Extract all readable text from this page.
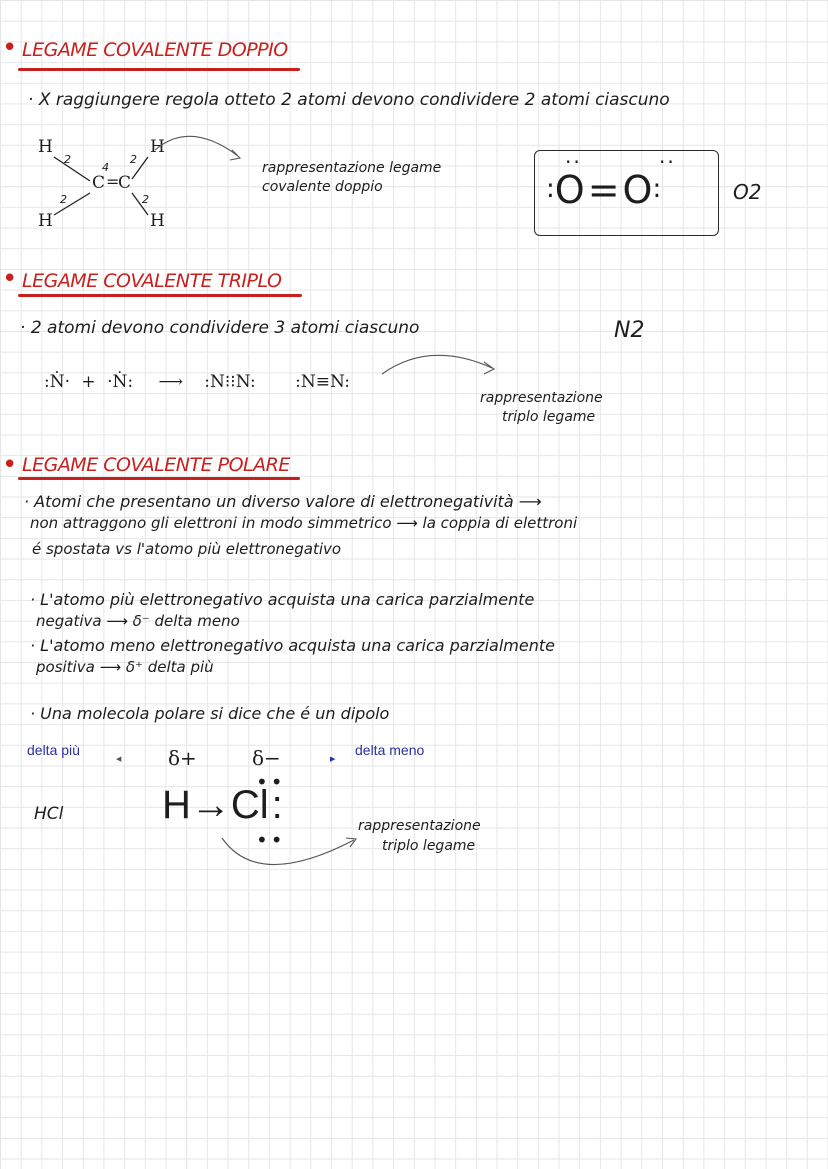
• LEGAME COVALENTE DOPPIO
· X raggiungere regola otteto 2 atomi devono condividere 2 atomi ciascuno
H	H
H	H
C C
=
2	2
4
2	2
rappresentazione legame
covalente doppio	:O=O:
··	··
O2
• LEGAME COVALENTE TRIPLO
· 2 atomi devono condividere 3 atomi ciascuno	N2
:Ṅ· + ·Ṅ: ⟶ :N⁝⁝N: :N≡N:
rappresentazione
triplo legame
• LEGAME COVALENTE POLARE
· Atomi che presentano un diverso valore di elettronegatività ⟶
non attraggono gli elettroni in modo simmetrico ⟶ la coppia di elettroni
é spostata vs l'atomo più elettronegativo
· L'atomo più elettronegativo acquista una carica parzialmente
negativa ⟶ δ⁻ delta meno
· L'atomo meno elettronegativo acquista una carica parzialmente
positiva ⟶ δ⁺ delta più
· Una molecola polare si dice che é un dipolo
delta più
◀ δ+	δ−	▶
delta meno
HCl H→Cl:
••
••
rappresentazione
triplo legame
